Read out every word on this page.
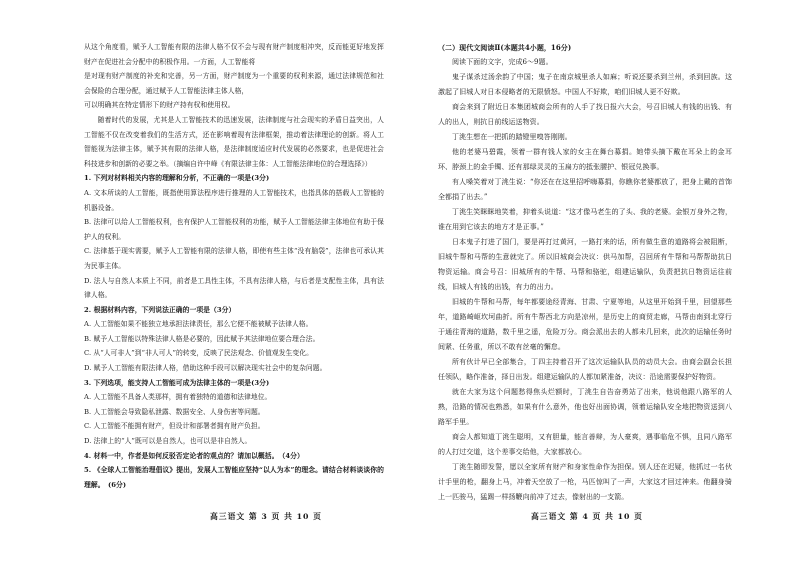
从这个角度看，赋予人工智能有限的法律人格不仅不会与现有财产制度相冲突，反而能更好地发挥财产在促进社会分配中的积极作用。一方面，人工智能将

是对现有财产制度的补充和完善，另一方面，财产制度为一个重要的权利来源，通过法律规范和社会保险的合理分配，通过赋予人工智能法律主体人格，

可以明确其在特定情形下的财产持有权和使用权。

随着时代的发展，尤其是人工智能技术的迅速发展，法律制度与社会现实的矛盾日益突出，人工智能不仅在改变着我们的生活方式，还在影响着现有法律框架，推动着法律理论的创新。将人工智能视为法律主体，赋予其有限的法律人格，是法律制度适应时代发展的必然要求，也是促进社会科技进步和创新的必要之举。（摘编自许中峰《有限法律主体：人工智能法律地位的合理选择》）

1. 下列对材料相关内容的理解和分析，不正确的一项是(3分)

A. 文本所谈的人工智能，既指使用算法程序进行推理的人工智能技术，也指具体的搭载人工智能的机器设备。

B. 法律可以给人工智能权利，也有保护人工智能权利的功能，赋予人工智能法律主体地位有助于保护人的权利。

C. 法律基于现实需要，赋予人工智能有限的法律人格，即使有些主体“没有脑袋”，法律也可承认其为民事主体。

D. 法人与自然人本质上不同，前者是工具性主体，不具有法律人格，与后者是支配性主体，具有法律人格。

2. 根据材料内容，下列说法正确的一项是（3分）

A. 人工智能如果不能独立地承担法律责任，那么它便不能被赋予法律人格。

B. 赋予人工智能以特殊法律人格是必要的，因此赋予其法律地位要合理合法。

C. 从“人可非人”到“非人可人”的转变，反映了民法观念、价值观发生变化。

D. 赋予人工智能有限法律人格，借助这种手段可以解决现实社会中的复杂问题。

3. 下列选项，能支持人工智能可成为法律主体的一项是(3分)

A. 人工智能不具备人类那样，拥有着独特的道德和法律地位。

B. 人工智能会导致隐私泄露、数据安全、人身伤害等问题。

C. 人工智能不能拥有财产，但设计和部署者拥有财产负担。

D. 法律上的“人”既可以是自然人，也可以是非自然人。

4. 材料一中，作者是如何反驳否定论者的观点的？请加以概括。　（4分）

5. 《全球人工智能治理倡议》提出，发展人工智能应坚持“以人为本”的理念。请结合材料谈谈你的理解。　(6分)

高三语文 第 3 页 共 10 页

（二）现代文阅读Ⅱ(本题共4小题，16分)

阅读下面的文字，完成6～9题。

鬼子谋杀过汤余韵了中国；鬼子在南京城里杀人如麻；听说还要杀到兰州，杀到回族。这激起了旧城人对日本侵略者的无限愤怒。中国人不好欺，咱们旧城人更不好欺。

商会来到了附近日本集团城商会所有的人手了找日报六大会，号召旧城人有钱的出钱、有人的出人，则抗日前线运送物资。

丁洮生想在一把抓的踏镫里嗅答刚刚。

他的老婆马碧霞，领着一群有钱人家的女主在舞台募捐。她带头摘下戴在耳朵上的金耳环、脖颈上的金手镯、还有那绿灵灵的玉扁方的抵张腰护、银冠兑换事。

有人嗓笑着对丁洮生说：“你还在在这里招呼嗨募捐，你瞧你老婆都放了，把身上戴的首饰全都捐了出去。”

丁洮生笑眯眯地笑着，抑着头说道：“这才像马老生的了头、我的老婆。金银万身外之物，谁在用到它该去的地方才是正事。”

日本鬼子打进了国门，要是再打过黄河，一路打来的话，所有做生意的道路将会被阻断，旧城牛帮和马帮的生意就完了。所以旧城商会决议：供马加帮，召回所有牛帮和马帮帮助抗日物资运输。商会号召：旧城所有的牛帮、马帮和骆驼，组建运输队，负责把抗日物资运往前线，旧城人有钱的出钱，有力的出力。

旧城的牛帮和马帮，每年都要途经青海、甘肃、宁夏等地，从这里开始到千里，回望那些年，道路崎岖坎坷曲折。所有牛帮西北方向是凉州，是历史上的商贸走廊，马帮由南到北穿行于通往青海的道路，数千里之遥，危险万分。商会派出去的人都未几回来，此次的运输任务时间紧、任务重，所以不敢有丝毫的懈怠。

所有伙计早已全部集合，丁四主持着召开了这次运输队队员的动员大会。由商会副会长担任领队，略作准备，择日出发。组建运输队的人都加紧准备，决议：沿途需要保护好物资。

就在大家为这个问题愁得焦头烂额时，丁洮生自告奋勇站了出来，他说他跟八路军的人熟，沿路的情况也熟悉，如果有什么意外，他也好出面协调，领着运输队安全地把物资送到八路军手里。

商会人都知道丁洮生聪明，又有胆量，能言善辩，为人豪爽，遇事临危不惧，且同八路军的人打过交道，这个差事交给他，大家都放心。

丁洮生随即发誓，愿以全家所有财产和身家性命作为担保。别人还在迟疑，他抓过一名伙计手里的枪，翻身上马，冲着天空放了一枪，马匹惊叫了一声，大家这才回过神来。他翻身骑上一匹骏马，猛踢一样扬鞭向前冲了过去，像射出的一支箭。

高三语文 第 4 页 共 10 页
